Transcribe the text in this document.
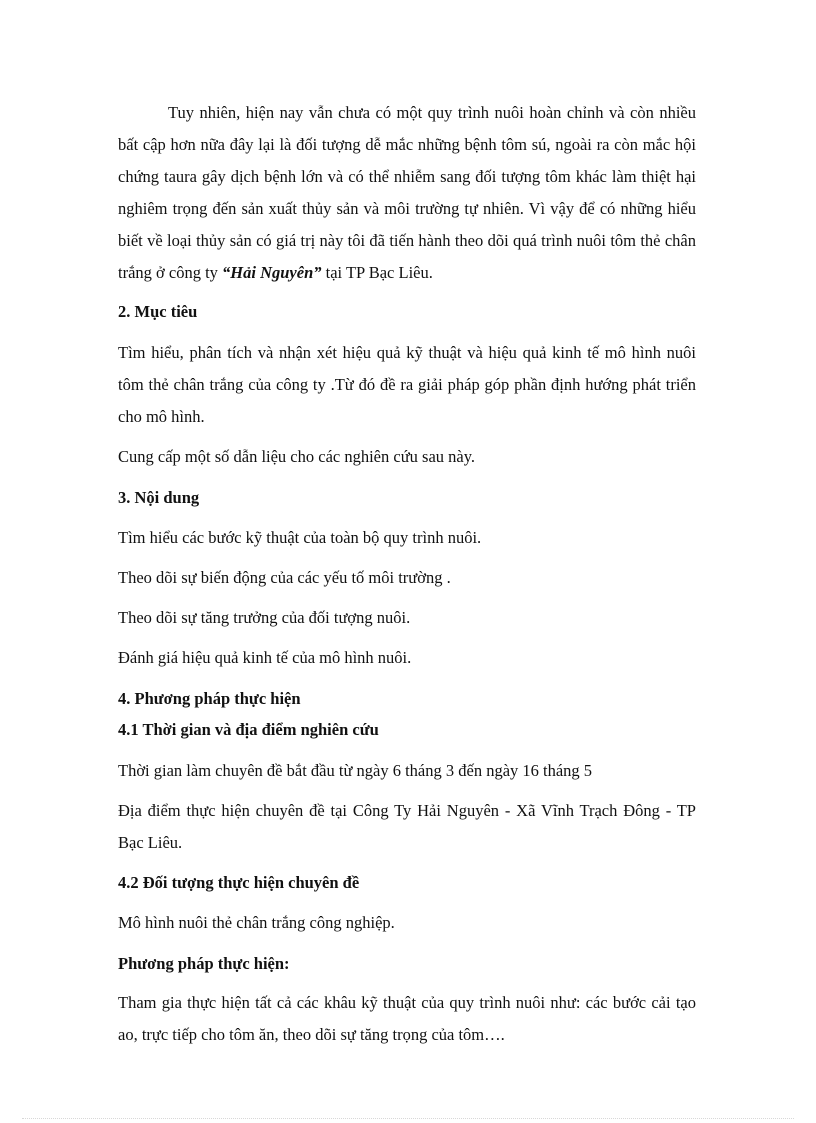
Tuy nhiên, hiện nay vẫn chưa có một quy trình nuôi hoàn chỉnh và còn nhiều bất cập hơn nữa đây lại là đối tượng dễ mắc những bệnh tôm sú, ngoài ra còn mắc hội chứng taura gây dịch bệnh lớn và có thể nhiễm sang đối tượng tôm khác làm thiệt hại nghiêm trọng đến sản xuất thủy sản và môi trường tự nhiên. Vì vậy để có những hiểu biết về loại thủy sản có giá trị này tôi đã tiến hành theo dõi quá trình nuôi tôm thẻ chân trắng ở công ty “Hải Nguyên” tại TP Bạc Liêu.
2. Mục tiêu
Tìm hiểu, phân tích và nhận xét hiệu quả kỹ thuật và hiệu quả kinh tế mô hình nuôi tôm thẻ chân trắng của công ty .Từ đó đề ra giải pháp góp phần định hướng phát triển cho mô hình.
Cung cấp một số dẫn liệu cho các nghiên cứu sau này.
3. Nội dung
Tìm hiểu các bước kỹ thuật của toàn bộ quy trình nuôi.
Theo dõi sự biến động của các yếu tố môi trường .
Theo dõi sự tăng trưởng của đối tượng nuôi.
Đánh giá hiệu quả kinh tế của mô hình nuôi.
4. Phương pháp thực hiện
4.1 Thời gian và địa điểm nghiên cứu
Thời gian làm chuyên đề bắt đầu từ ngày 6 tháng 3 đến ngày 16 tháng 5
Địa điểm thực hiện chuyên đề tại Công Ty Hải Nguyên - Xã Vĩnh Trạch Đông - TP Bạc Liêu.
4.2 Đối tượng thực hiện chuyên đề
Mô hình nuôi thẻ chân trắng công nghiệp.
Phương pháp thực hiện:
Tham gia thực hiện tất cả các khâu kỹ thuật của quy trình nuôi như: các bước cải tạo ao, trực tiếp cho tôm ăn, theo dõi sự tăng trọng của tôm….
